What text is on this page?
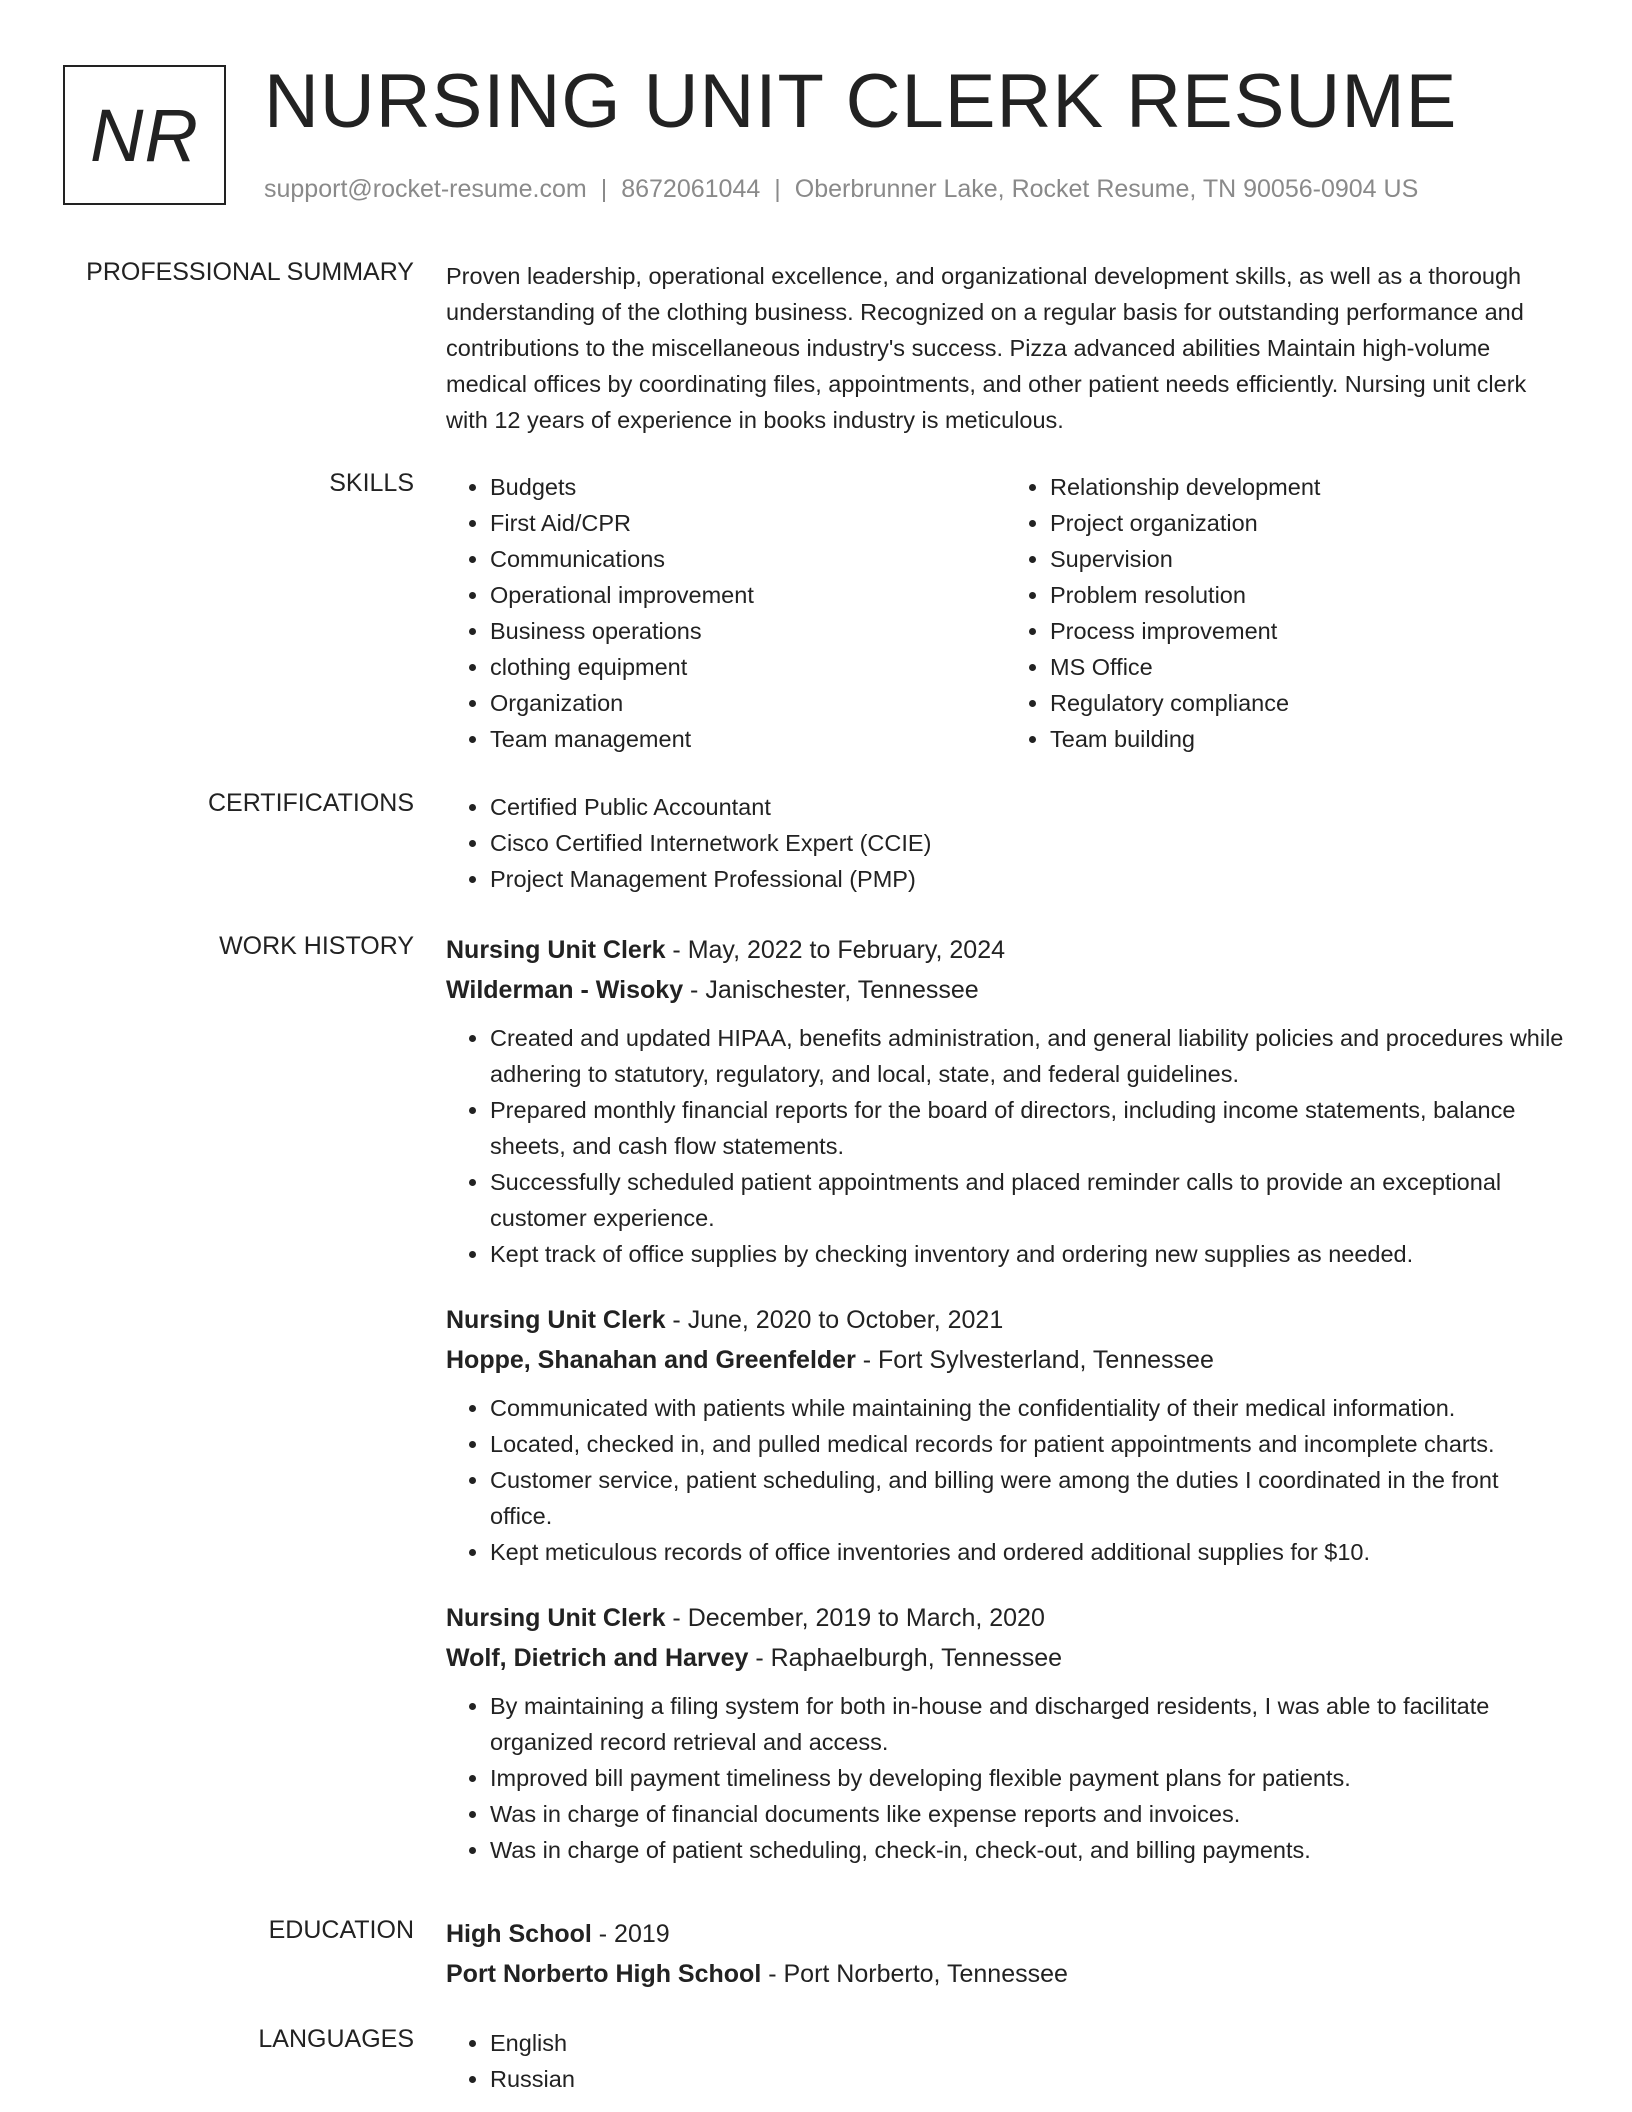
NR NURSING UNIT CLERK RESUME
support@rocket-resume.com | 8672061044 | Oberbrunner Lake, Rocket Resume, TN 90056-0904 US
PROFESSIONAL SUMMARY Proven leadership, operational excellence, and organizational development skills, as well as a thorough understanding of the clothing business. Recognized on a regular basis for outstanding performance and contributions to the miscellaneous industry's success. Pizza advanced abilities Maintain high-volume medical offices by coordinating files, appointments, and other patient needs efficiently. Nursing unit clerk with 12 years of experience in books industry is meticulous.

SKILLS	• Budgets
• First Aid/CPR
• Communications
• Operational improvement
• Business operations
• clothing equipment
• Organization
• Team management
• Relationship development
• Project organization
• Supervision
• Problem resolution
• Process improvement
• MS Office
• Regulatory compliance
• Team building
CERTIFICATIONS	• Certified Public Accountant
• Cisco Certified Internetwork Expert (CCIE)
• Project Management Professional (PMP)
WORK HISTORY Nursing Unit Clerk - May, 2022 to February, 2024
Wilderman - Wisoky - Janischester, Tennessee
• Created and updated HIPAA, benefits administration, and general liability policies and procedures while adhering to statutory, regulatory, and local, state, and federal guidelines.
• Prepared monthly financial reports for the board of directors, including income statements, balance sheets, and cash flow statements.
• Successfully scheduled patient appointments and placed reminder calls to provide an exceptional customer experience.
• Kept track of office supplies by checking inventory and ordering new supplies as needed.
Nursing Unit Clerk - June, 2020 to October, 2021
Hoppe, Shanahan and Greenfelder - Fort Sylvesterland, Tennessee
• Communicated with patients while maintaining the confidentiality of their medical information.
• Located, checked in, and pulled medical records for patient appointments and incomplete charts.
• Customer service, patient scheduling, and billing were among the duties I coordinated in the front office.
• Kept meticulous records of office inventories and ordered additional supplies for $10.
Nursing Unit Clerk - December, 2019 to March, 2020
Wolf, Dietrich and Harvey - Raphaelburgh, Tennessee
• By maintaining a filing system for both in-house and discharged residents, I was able to facilitate organized record retrieval and access.
• Improved bill payment timeliness by developing flexible payment plans for patients.
• Was in charge of financial documents like expense reports and invoices.
• Was in charge of patient scheduling, check-in, check-out, and billing payments.
EDUCATION High School - 2019
Port Norberto High School - Port Norberto, Tennessee
LANGUAGES	• English
• Russian
